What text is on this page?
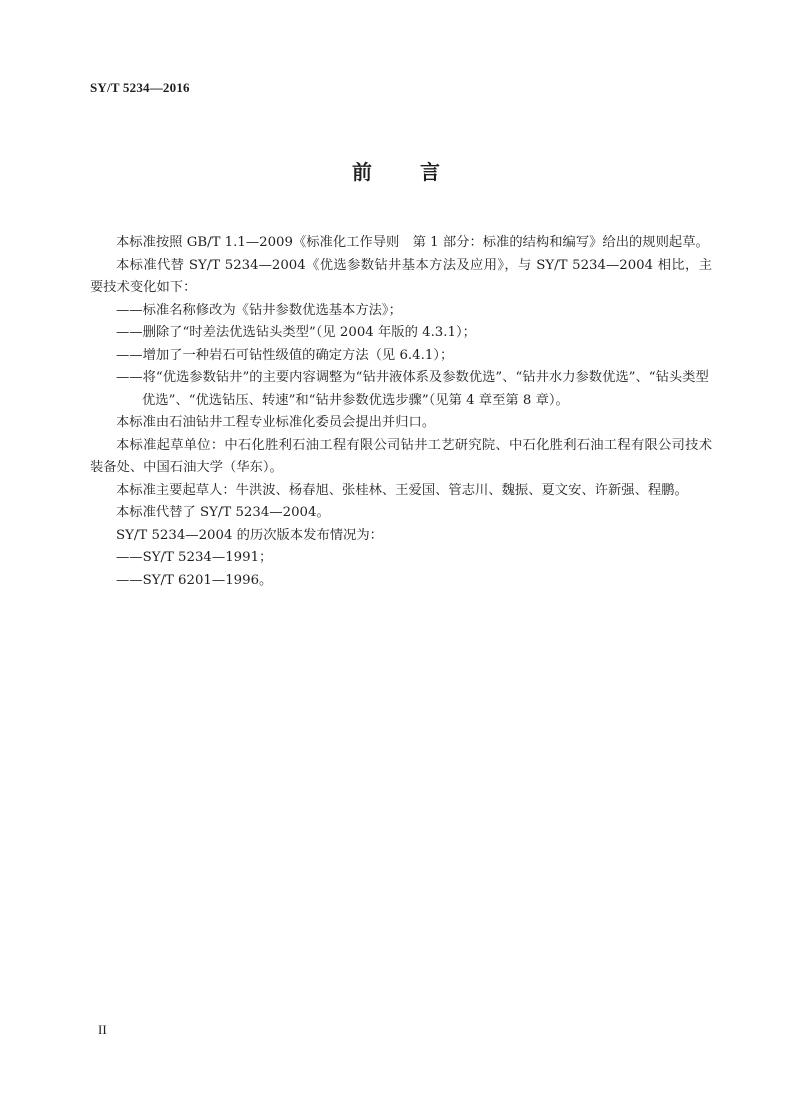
SY/T 5234—2016
前 言

本标准按照 GB/T 1.1—2009《标准化工作导则　第 1 部分：标准的结构和编写》给出的规则起草。

本标准代替 SY/T 5234—2004《优选参数钻井基本方法及应用》，与 SY/T 5234—2004 相比，主要技术变化如下：

——标准名称修改为《钻井参数优选基本方法》；

——删除了“时差法优选钻头类型”（见 2004 年版的 4.3.1）；

——增加了一种岩石可钻性级值的确定方法（见 6.4.1）；

——将“优选参数钻井”的主要内容调整为“钻井液体系及参数优选”、“钻井水力参数优选”、“钻头类型优选”、“优选钻压、转速”和“钻井参数优选步骤”（见第 4 章至第 8 章）。

本标准由石油钻井工程专业标准化委员会提出并归口。

本标准起草单位：中石化胜利石油工程有限公司钻井工艺研究院、中石化胜利石油工程有限公司技术装备处、中国石油大学（华东）。

本标准主要起草人：牛洪波、杨春旭、张桂林、王爱国、管志川、魏振、夏文安、许新强、程鹏。

本标准代替了 SY/T 5234—2004。

SY/T 5234—2004 的历次版本发布情况为：

——SY/T 5234—1991；

——SY/T 6201—1996。

II
